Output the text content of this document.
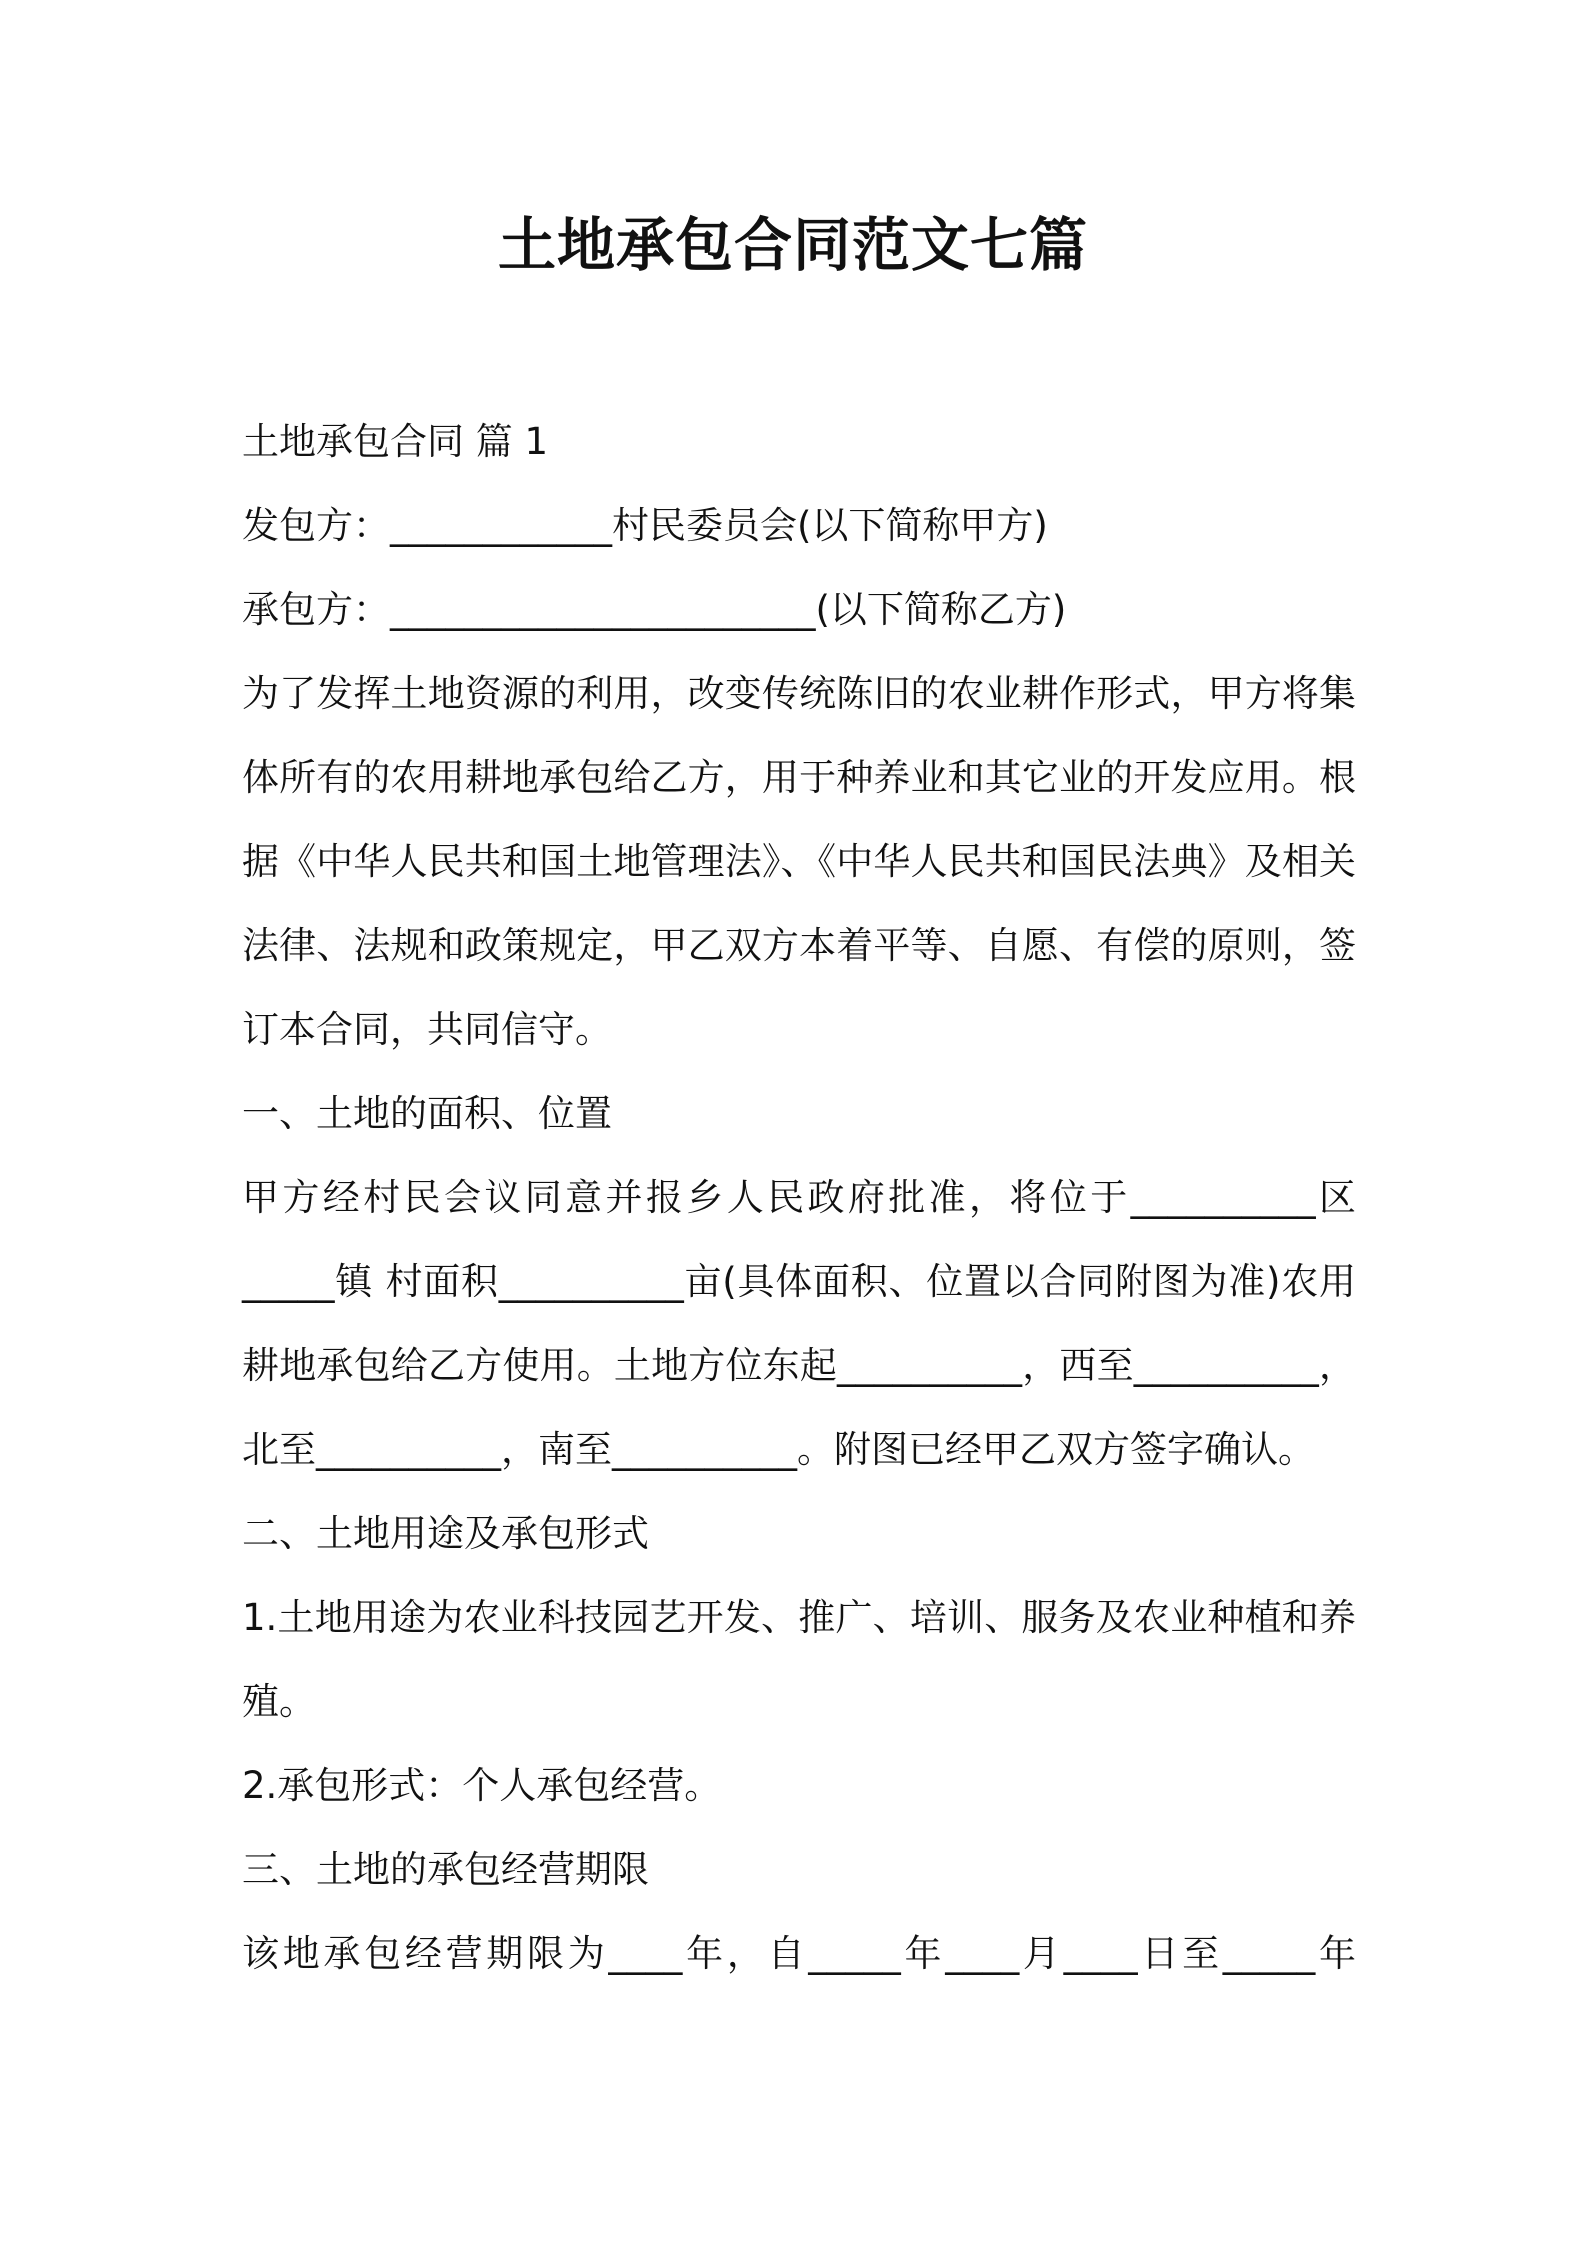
土地承包合同范文七篇

土地承包合同 篇 1

发包方：____________村民委员会(以下简称甲方)

承包方：_______________________(以下简称乙方)

为了发挥土地资源的利用，改变传统陈旧的农业耕作形式，甲方将集

体所有的农用耕地承包给乙方，用于种养业和其它业的开发应用。根

据《中华人民共和国土地管理法》、《中华人民共和国民法典》及相关

法律、法规和政策规定，甲乙双方本着平等、自愿、有偿的原则，签

订本合同，共同信守。

一、土地的面积、位置

甲方经村民会议同意并报乡人民政府批准，将位于__________区

_____镇 村面积__________亩(具体面积、位置以合同附图为准)农用

耕地承包给乙方使用。土地方位东起__________，西至__________，

北至__________，南至__________。附图已经甲乙双方签字确认。

二、土地用途及承包形式

1.土地用途为农业科技园艺开发、推广、培训、服务及农业种植和养

殖。

2.承包形式：个人承包经营。

三、土地的承包经营期限

该地承包经营期限为____年，自_____年____月____日至_____年
